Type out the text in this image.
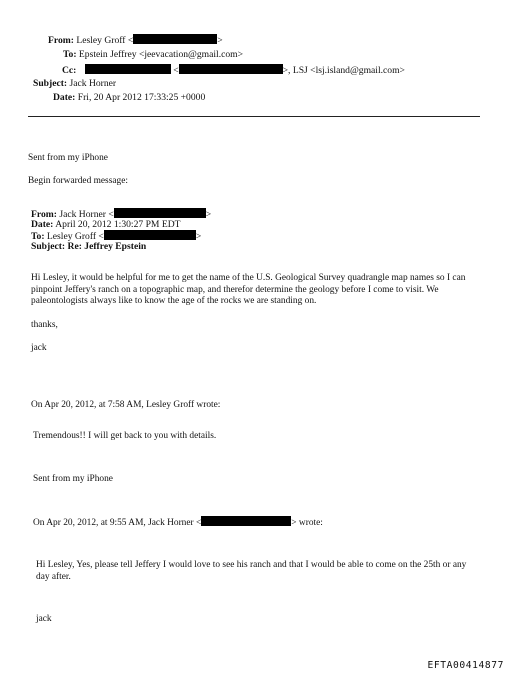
From: Lesley Groff <	>
To: Epstein Jeffrey <jeevacation@gmail.com>
Cc:	<	>, LSJ <lsj.island@gmail.com>
Subject: Jack Horner
Date: Fri, 20 Apr 2012 17:33:25 +0000
Sent from my iPhone
Begin forwarded message:
From: Jack Horner <	>
Date: April 20, 2012 1:30:27 PM EDT
To: Lesley Groff <	>
Subject: Re: Jeffrey Epstein
Hi Lesley, it would be helpful for me to get the name of the U.S. Geological Survey quadrangle map names so I can pinpoint Jeffery's ranch on a topographic map, and therefor determine the geology before I come to visit. We paleontologists always like to know the age of the rocks we are standing on.
thanks,
jack
On Apr 20, 2012, at 7:58 AM, Lesley Groff wrote:
Tremendous!! I will get back to you with details.
Sent from my iPhone
On Apr 20, 2012, at 9:55 AM, Jack Horner <	> wrote:
Hi Lesley, Yes, please tell Jeffery I would love to see his ranch and that I would be able to come on the 25th or any day after.
jack
EFTA00414877
